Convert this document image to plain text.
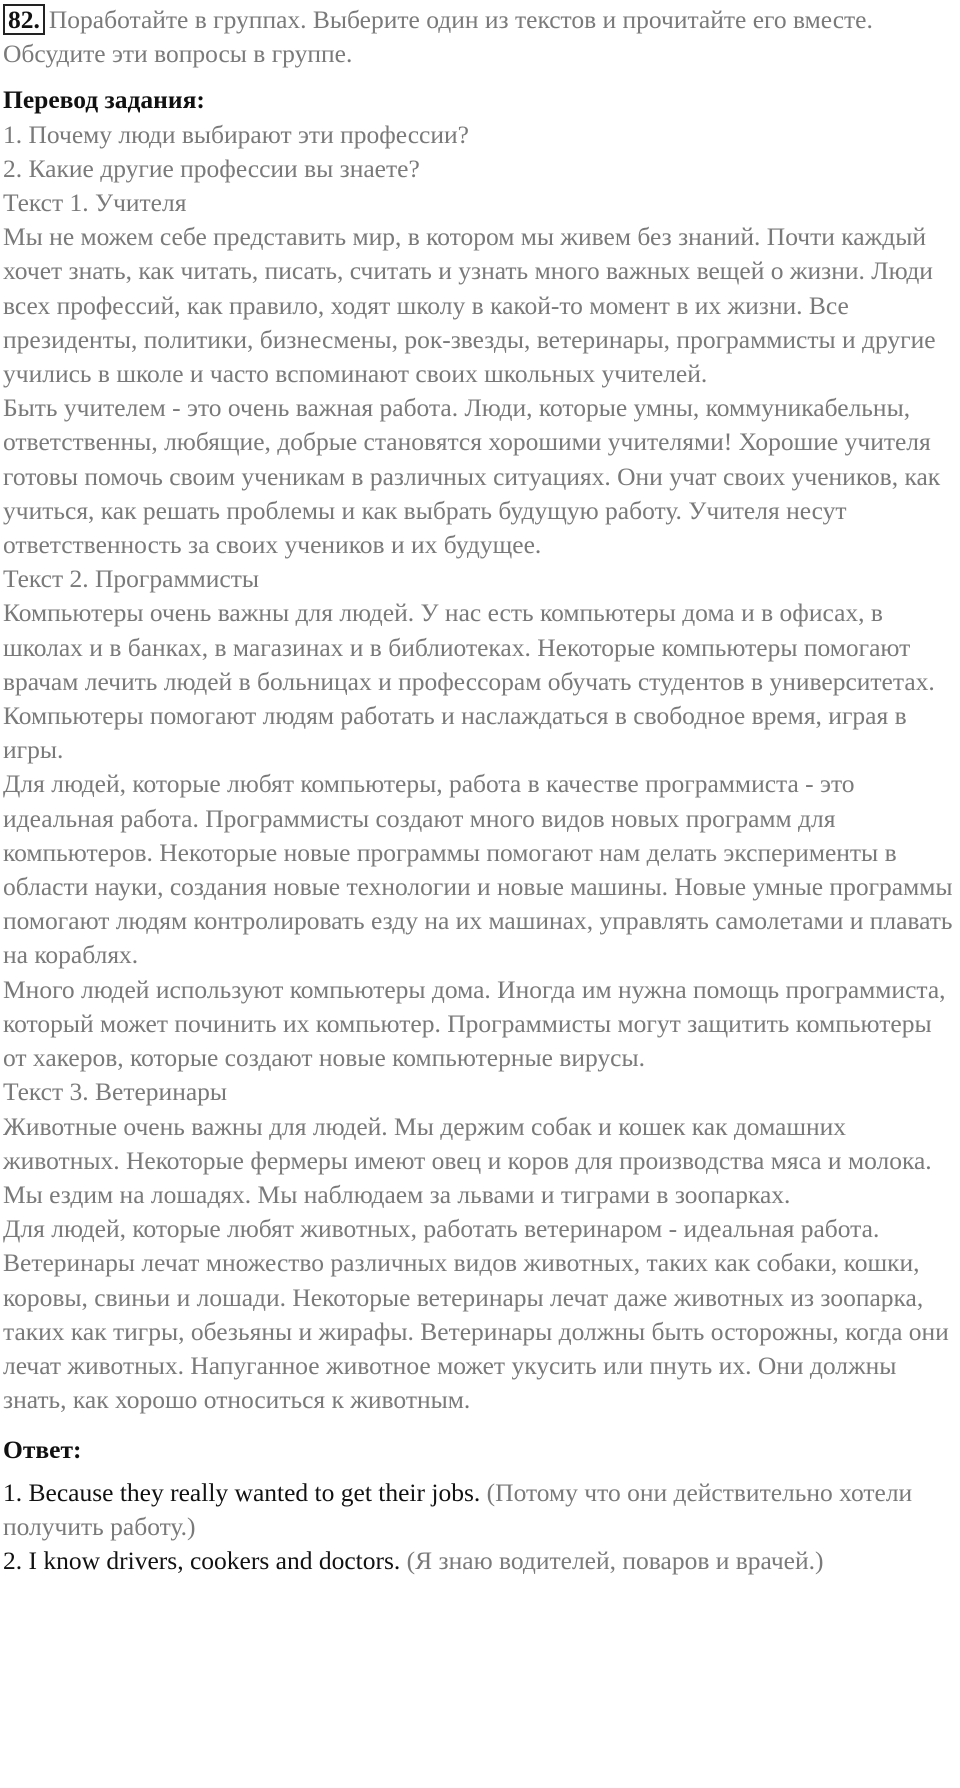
82. Поработайте в группах. Выберите один из текстов и прочитайте его вместе. Обсудите эти вопросы в группе.

Перевод задания:

1. Почему люди выбирают эти профессии?

2. Какие другие профессии вы знаете?

Текст 1. Учителя

Мы не можем себе представить мир, в котором мы живем без знаний. Почти каждый хочет знать, как читать, писать, считать и узнать много важных вещей о жизни. Люди всех профессий, как правило, ходят школу в какой-то момент в их жизни. Все президенты, политики, бизнесмены, рок-звезды, ветеринары, программисты и другие учились в школе и часто вспоминают своих школьных учителей.

Быть учителем - это очень важная работа. Люди, которые умны, коммуникабельны, ответственны, любящие, добрые становятся хорошими учителями! Хорошие учителя готовы помочь своим ученикам в различных ситуациях. Они учат своих учеников, как учиться, как решать проблемы и как выбрать будущую работу. Учителя несут ответственность за своих учеников и их будущее.

Текст 2. Программисты

Компьютеры очень важны для людей. У нас есть компьютеры дома и в офисах, в школах и в банках, в магазинах и в библиотеках. Некоторые компьютеры помогают врачам лечить людей в больницах и профессорам обучать студентов в университетах. Компьютеры помогают людям работать и наслаждаться в свободное время, играя в игры.

Для людей, которые любят компьютеры, работа в качестве программиста - это идеальная работа. Программисты создают много видов новых программ для компьютеров. Некоторые новые программы помогают нам делать эксперименты в области науки, создания новые технологии и новые машины. Новые умные программы помогают людям контролировать езду на их машинах, управлять самолетами и плавать на кораблях.

Много людей используют компьютеры дома. Иногда им нужна помощь программиста, который может починить их компьютер. Программисты могут защитить компьютеры от хакеров, которые создают новые компьютерные вирусы.

Текст 3. Ветеринары

Животные очень важны для людей. Мы держим собак и кошек как домашних животных. Некоторые фермеры имеют овец и коров для производства мяса и молока. Мы ездим на лошадях. Мы наблюдаем за львами и тиграми в зоопарках.

Для людей, которые любят животных, работать ветеринаром - идеальная работа. Ветеринары лечат множество различных видов животных, таких как собаки, кошки, коровы, свиньи и лошади. Некоторые ветеринары лечат даже животных из зоопарка, таких как тигры, обезьяны и жирафы. Ветеринары должны быть осторожны, когда они лечат животных. Напуганное животное может укусить или пнуть их. Они должны знать, как хорошо относиться к животным.

Ответ:

1. Because they really wanted to get their jobs. (Потому что они действительно хотели получить работу.)

2. I know drivers, cookers and doctors. (Я знаю водителей, поваров и врачей.)
